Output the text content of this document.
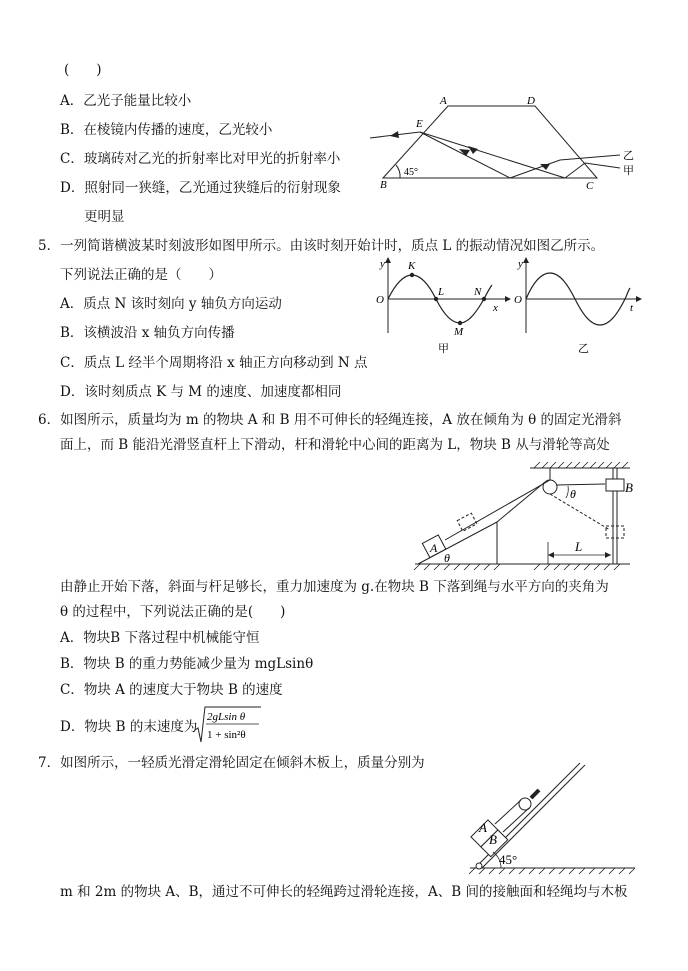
(　　)
A．乙光子能量比较小
B．在棱镜内传播的速度，乙光较小
C．玻璃砖对乙光的折射率比对甲光的折射率小
D．照射同一狭缝，乙光通过狭缝后的衍射现象
更明显
A	D
E
B	C
45°
乙
甲
5．一列简谐横波某时刻波形如图甲所示。由该时刻开始计时，质点 L 的振动情况如图乙所示。
下列说法正确的是（　　）
A．质点 N 该时刻向 y 轴负方向运动
B．该横波沿 x 轴负方向传播
C．质点 L 经半个周期将沿 x 轴正方向移动到 N 点
D．该时刻质点 K 与 M 的速度、加速度都相同
y K
O
L	N
x
M
甲
y
O
t
乙
6．如图所示，质量均为 m 的物块 A 和 B 用不可伸长的轻绳连接，A 放在倾角为 θ 的固定光滑斜
面上，而 B 能沿光滑竖直杆上下滑动，杆和滑轮中心间的距离为 L，物块 B 从与滑轮等高处
θ	B
A
θ
L
由静止开始下落，斜面与杆足够长，重力加速度为 g.在物块 B 下落到绳与水平方向的夹角为
θ 的过程中，下列说法正确的是(　　)
A．物块B 下落过程中机械能守恒
B．物块 B 的重力势能减少量为 mgLsinθ
C．物块 A 的速度大于物块 B 的速度
D．物块 B 的末速度为
2gLsin θ
1 + sin²θ
7．如图所示，一轻质光滑定滑轮固定在倾斜木板上，质量分别为
A
B
45°
m 和 2m 的物块 A、B，通过不可伸长的轻绳跨过滑轮连接，A、B 间的接触面和轻绳均与木板
